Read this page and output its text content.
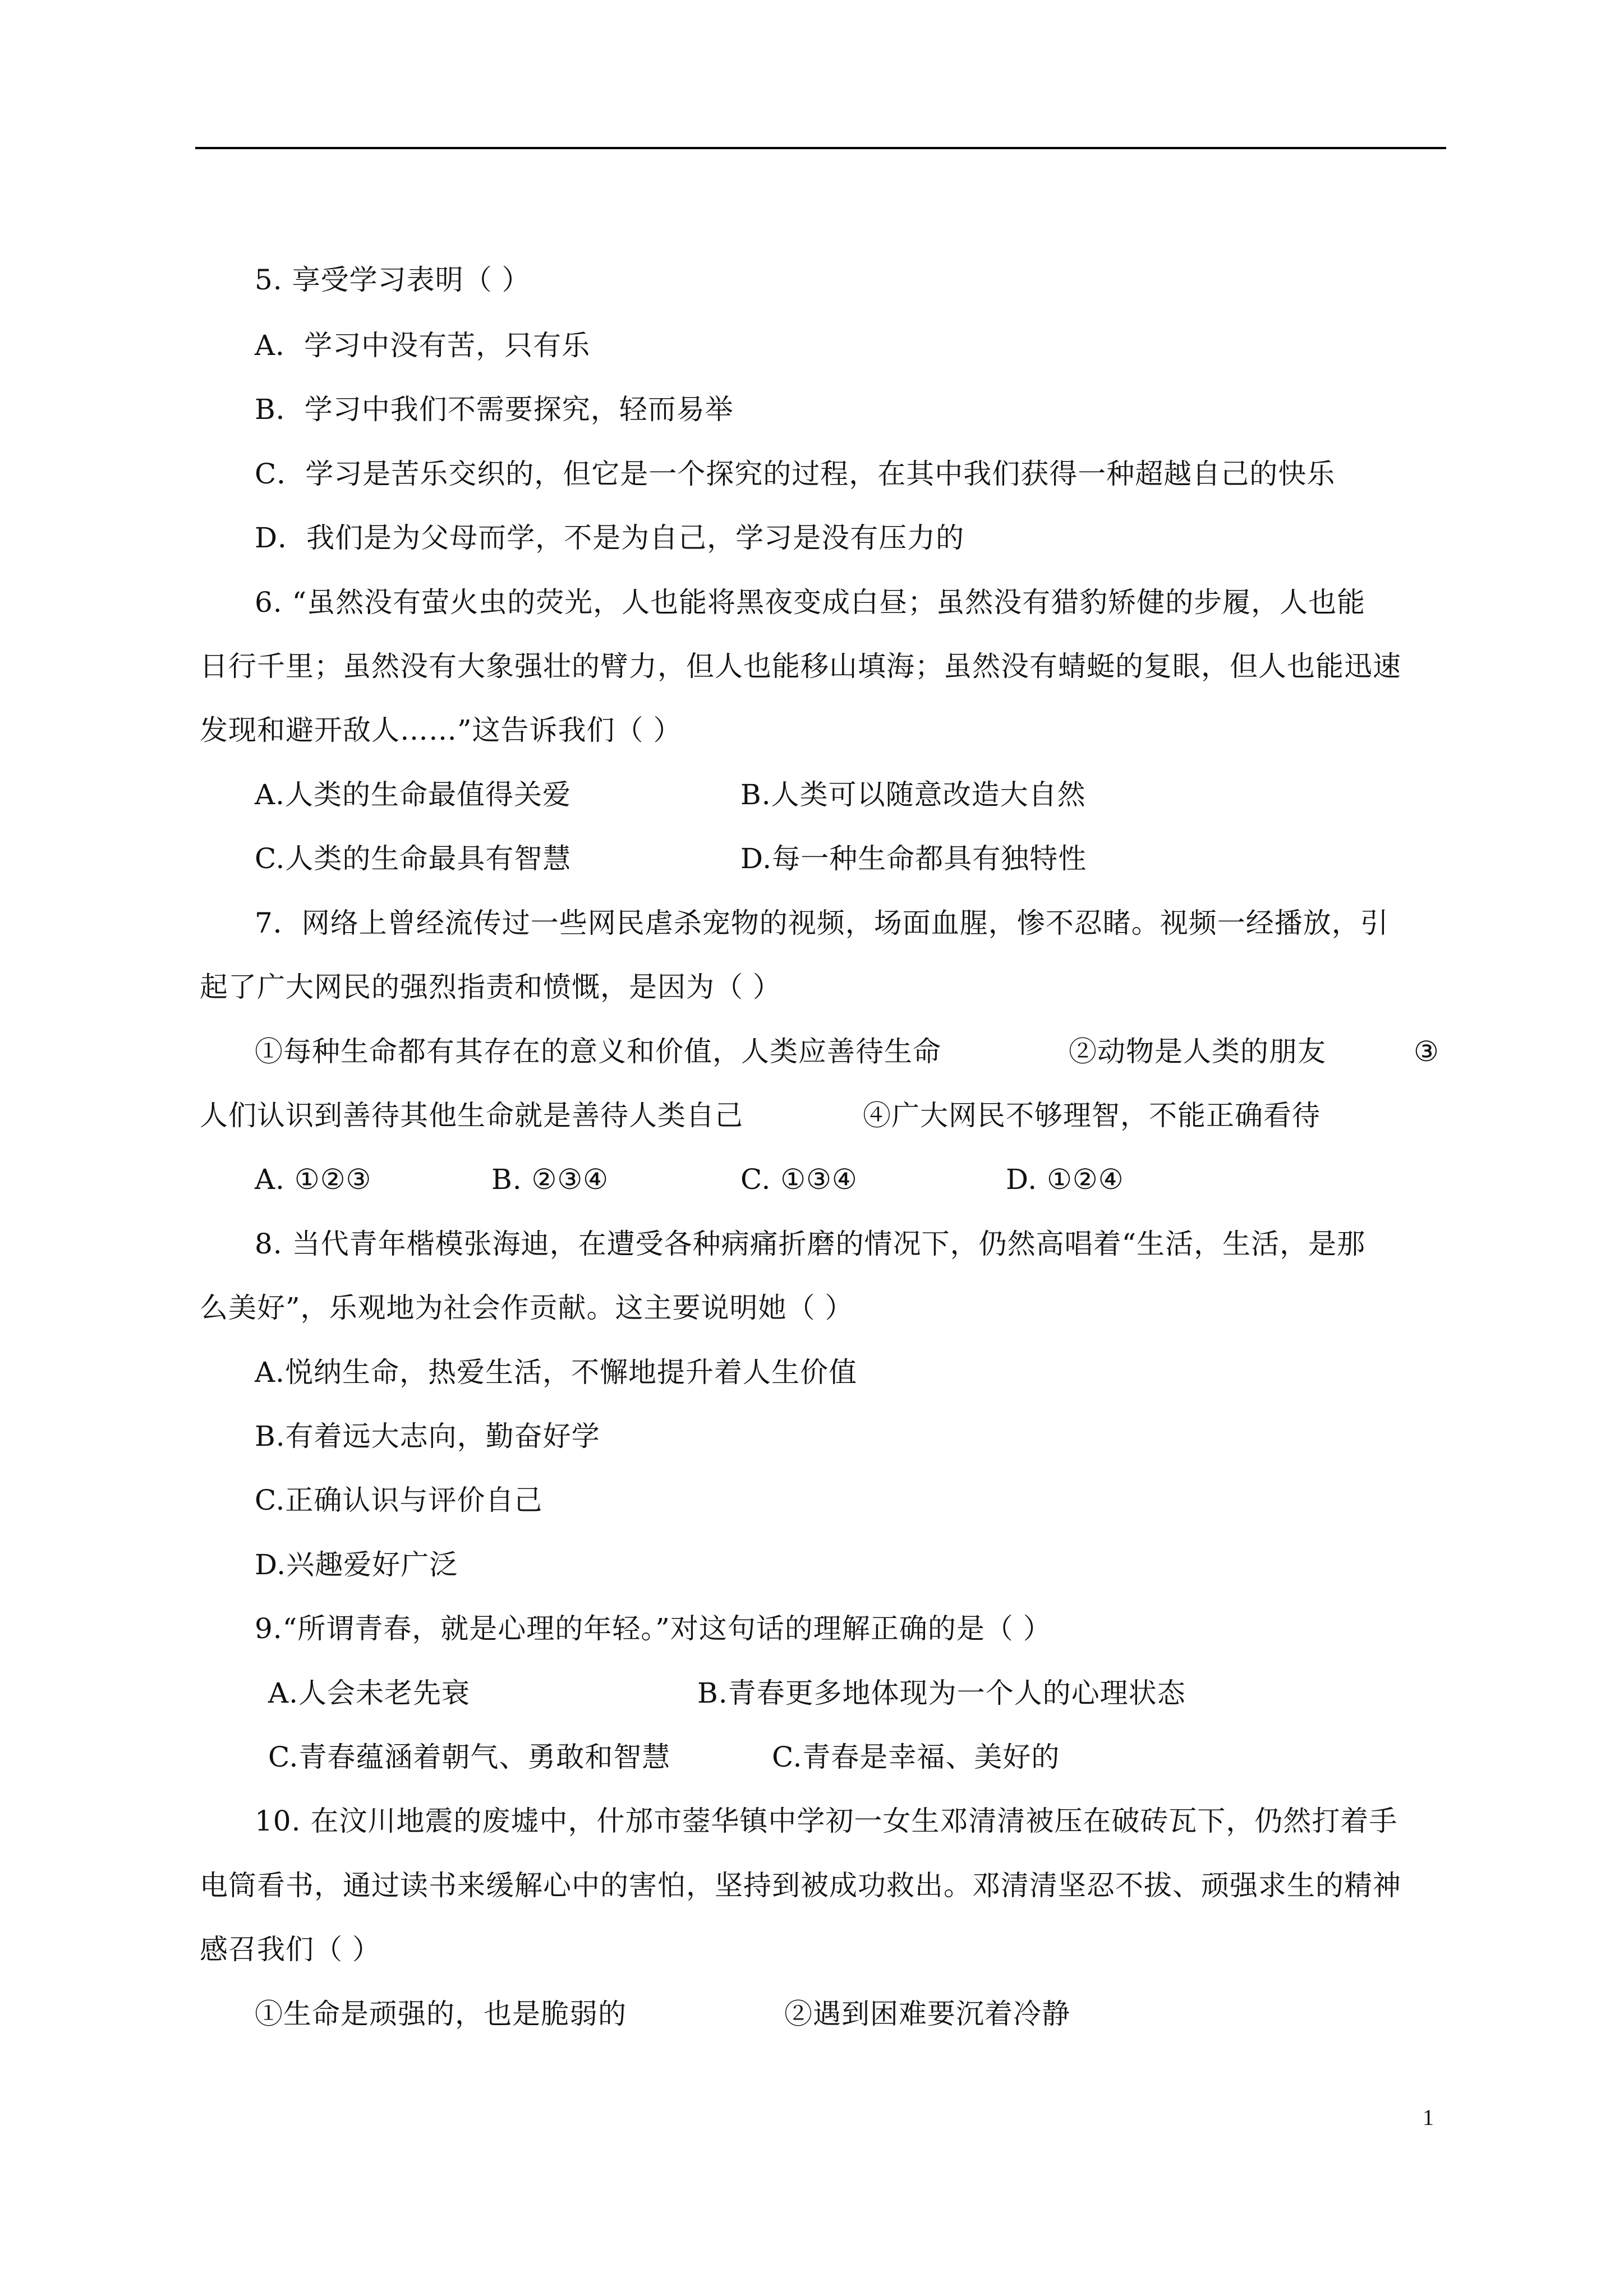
5. 享受学习表明（ ）
A．学习中没有苦，只有乐
B．学习中我们不需要探究，轻而易举
C．学习是苦乐交织的，但它是一个探究的过程，在其中我们获得一种超越自己的快乐
D．我们是为父母而学，不是为自己，学习是没有压力的
6. “虽然没有萤火虫的荧光，人也能将黑夜变成白昼；虽然没有猎豹矫健的步履，人也能
日行千里；虽然没有大象强壮的臂力，但人也能移山填海；虽然没有蜻蜓的复眼，但人也能迅速
发现和避开敌人……”这告诉我们（ ）
A.人类的生命最值得关爱	B.人类可以随意改造大自然
C.人类的生命最具有智慧	D.每一种生命都具有独特性
7．网络上曾经流传过一些网民虐杀宠物的视频，场面血腥，惨不忍睹。视频一经播放，引
起了广大网民的强烈指责和愤慨，是因为（ ）
①每种生命都有其存在的意义和价值，人类应善待生命	②动物是人类的朋友	③
人们认识到善待其他生命就是善待人类自己	④广大网民不够理智，不能正确看待
A. ①②③	B. ②③④	C. ①③④	D. ①②④
8. 当代青年楷模张海迪，在遭受各种病痛折磨的情况下，仍然高唱着“生活，生活，是那
么美好”，乐观地为社会作贡献。这主要说明她（ ）
A.悦纳生命，热爱生活，不懈地提升着人生价值
B.有着远大志向，勤奋好学
C.正确认识与评价自己
D.兴趣爱好广泛
9.“所谓青春，就是心理的年轻。”对这句话的理解正确的是（ ）
A.人会未老先衰	B.青春更多地体现为一个人的心理状态
C.青春蕴涵着朝气、勇敢和智慧	C.青春是幸福、美好的
10. 在汶川地震的废墟中，什邡市蓥华镇中学初一女生邓清清被压在破砖瓦下，仍然打着手
电筒看书，通过读书来缓解心中的害怕，坚持到被成功救出。邓清清坚忍不拔、顽强求生的精神
感召我们（ ）
①生命是顽强的，也是脆弱的	②遇到困难要沉着冷静
1
